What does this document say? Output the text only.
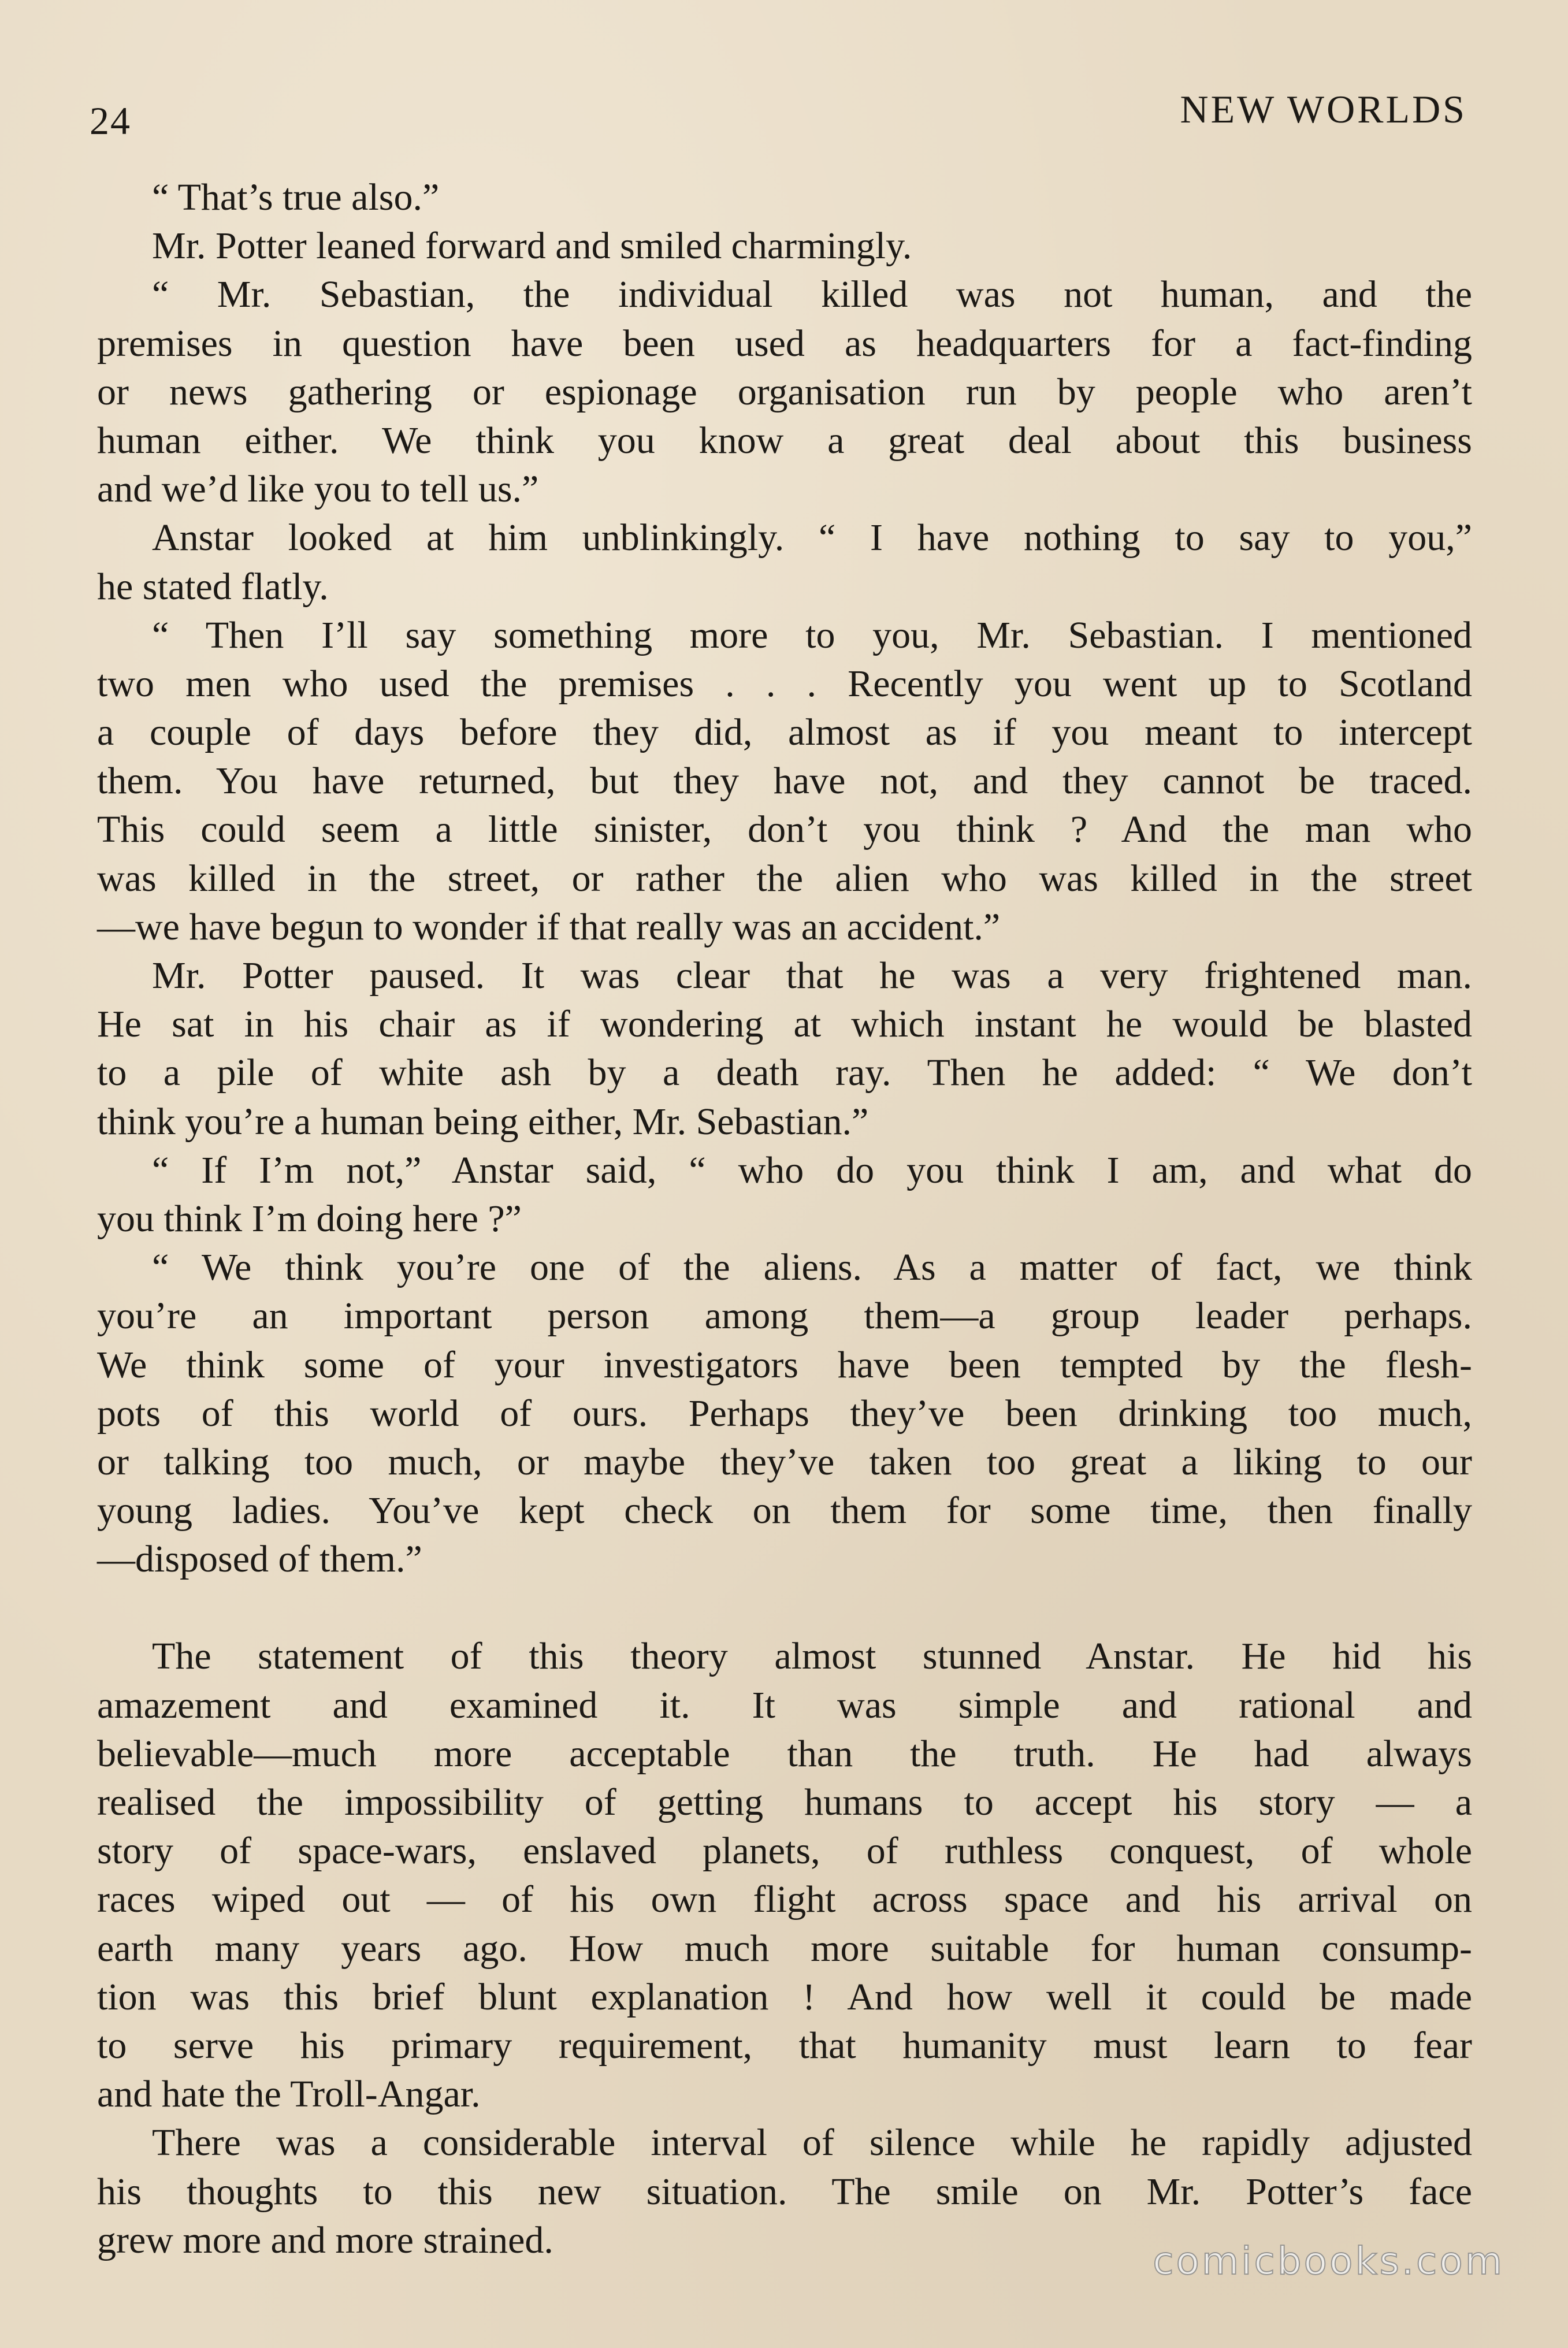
24	NEW WORLDS
“ That’s true also.”
Mr. Potter leaned forward and smiled charmingly.
“ Mr. Sebastian, the individual killed was not human, and the
premises in question have been used as headquarters for a fact-finding
or news gathering or espionage organisation run by people who aren’t
human either. We think you know a great deal about this business
and we’d like you to tell us.”
Anstar looked at him unblinkingly. “ I have nothing to say to you,”
he stated flatly.
“ Then I’ll say something more to you, Mr. Sebastian. I mentioned
two men who used the premises . . . Recently you went up to Scotland
a couple of days before they did, almost as if you meant to intercept
them. You have returned, but they have not, and they cannot be traced.
This could seem a little sinister, don’t you think ? And the man who
was killed in the street, or rather the alien who was killed in the street
—we have begun to wonder if that really was an accident.”
Mr. Potter paused. It was clear that he was a very frightened man.
He sat in his chair as if wondering at which instant he would be blasted
to a pile of white ash by a death ray. Then he added: “ We don’t
think you’re a human being either, Mr. Sebastian.”
“ If I’m not,” Anstar said, “ who do you think I am, and what do
you think I’m doing here ?”
“ We think you’re one of the aliens. As a matter of fact, we think
you’re an important person among them—a group leader perhaps.
We think some of your investigators have been tempted by the flesh-
pots of this world of ours. Perhaps they’ve been drinking too much,
or talking too much, or maybe they’ve taken too great a liking to our
young ladies. You’ve kept check on them for some time, then finally
—disposed of them.”
The statement of this theory almost stunned Anstar. He hid his
amazement and examined it. It was simple and rational and
believable—much more acceptable than the truth. He had always
realised the impossibility of getting humans to accept his story — a
story of space-wars, enslaved planets, of ruthless conquest, of whole
races wiped out — of his own flight across space and his arrival on
earth many years ago. How much more suitable for human consump-
tion was this brief blunt explanation ! And how well it could be made
to serve his primary requirement, that humanity must learn to fear
and hate the Troll-Angar.
There was a considerable interval of silence while he rapidly adjusted
his thoughts to this new situation. The smile on Mr. Potter’s face
grew more and more strained.	comicbooks.com
